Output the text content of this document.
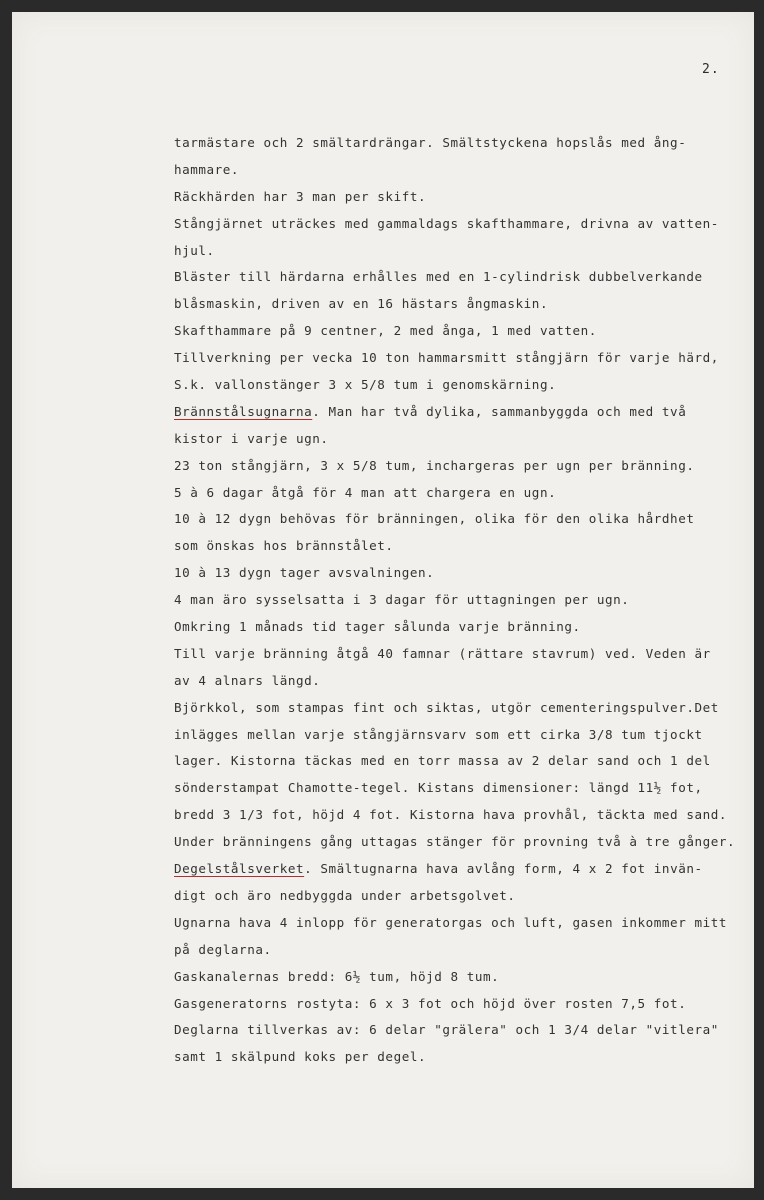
2.
tarmästare och 2 smältardrängar. Smältstyckena hopslås med ång-
hammare.
Räckhärden har 3 man per skift.
Stångjärnet uträckes med gammaldags skafthammare, drivna av vatten-
hjul.
Bläster till härdarna erhålles med en 1-cylindrisk dubbelverkande
blåsmaskin, driven av en 16 hästars ångmaskin.
Skafthammare på 9 centner, 2 med ånga, 1 med vatten.
Tillverkning per vecka 10 ton hammarsmitt stångjärn för varje härd,
S.k. vallonstänger 3 x 5/8 tum i genomskärning.
Brännstålsugnarna. Man har två dylika, sammanbyggda och med två
kistor i varje ugn.
23 ton stångjärn, 3 x 5/8 tum, inchargeras per ugn per bränning.
5 à 6 dagar åtgå för 4 man att chargera en ugn.
10 à 12 dygn behövas för bränningen, olika för den olika hårdhet
som önskas hos brännstålet.
10 à 13 dygn tager avsvalningen.
4 man äro sysselsatta i 3 dagar för uttagningen per ugn.
Omkring 1 månads tid tager sålunda varje bränning.
Till varje bränning åtgå 40 famnar (rättare stavrum) ved. Veden är
av 4 alnars längd.
Björkkol, som stampas fint och siktas, utgör cementeringspulver.Det
inlägges mellan varje stångjärnsvarv som ett cirka 3/8 tum tjockt
lager. Kistorna täckas med en torr massa av 2 delar sand och 1 del
sönderstampat Chamotte-tegel. Kistans dimensioner: längd 11½ fot,
bredd 3 1/3 fot, höjd 4 fot. Kistorna hava provhål, täckta med sand.
Under bränningens gång uttagas stänger för provning två à tre gånger.
Degelstålsverket. Smältugnarna hava avlång form, 4 x 2 fot invän-
digt och äro nedbyggda under arbetsgolvet.
Ugnarna hava 4 inlopp för generatorgas och luft, gasen inkommer mitt
på deglarna.
Gaskanalernas bredd: 6½ tum, höjd 8 tum.
Gasgeneratorns rostyta: 6 x 3 fot och höjd över rosten 7,5 fot.
Deglarna tillverkas av: 6 delar "grälera" och 1 3/4 delar "vitlera"
samt 1 skälpund koks per degel.
